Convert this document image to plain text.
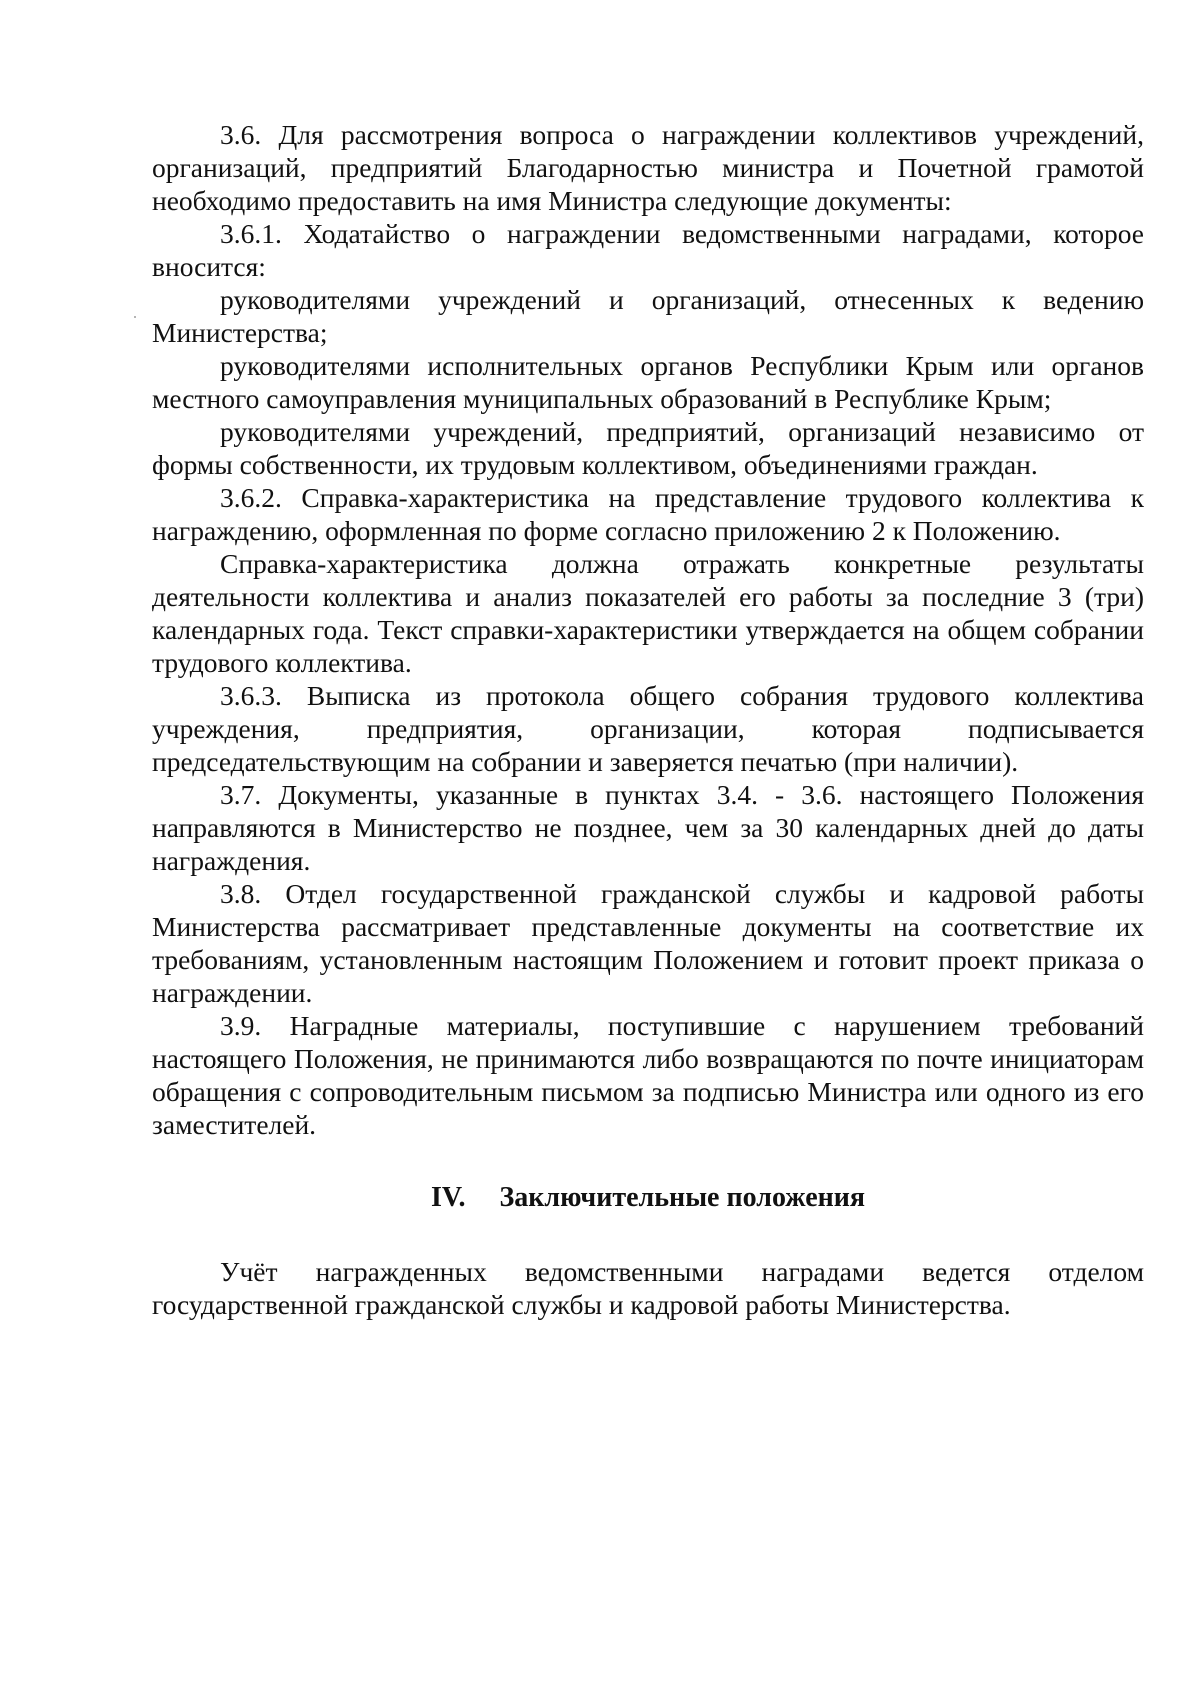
3.6. Для рассмотрения вопроса о награждении коллективов учреждений, организаций, предприятий Благодарностью министра и Почетной грамотой необходимо предоставить на имя Министра следующие документы:

3.6.1. Ходатайство о награждении ведомственными наградами, которое вносится:

руководителями учреждений и организаций, отнесенных к ведению Министерства;

руководителями исполнительных органов Республики Крым или органов местного самоуправления муниципальных образований в Республике Крым;

руководителями учреждений, предприятий, организаций независимо от формы собственности, их трудовым коллективом, объединениями граждан.

3.6.2. Справка-характеристика на представление трудового коллектива к награждению, оформленная по форме согласно приложению 2 к Положению.

Справка-характеристика должна отражать конкретные результаты деятельности коллектива и анализ показателей его работы за последние 3 (три) календарных года. Текст справки-характеристики утверждается на общем собрании трудового коллектива.

3.6.3. Выписка из протокола общего собрания трудового коллектива учреждения, предприятия, организации, которая подписывается председательствующим на собрании и заверяется печатью (при наличии).

3.7. Документы, указанные в пунктах 3.4. - 3.6. настоящего Положения направляются в Министерство не позднее, чем за 30 календарных дней до даты награждения.

3.8. Отдел государственной гражданской службы и кадровой работы Министерства рассматривает представленные документы на соответствие их требованиям, установленным настоящим Положением и готовит проект приказа о награждении.

3.9. Наградные материалы, поступившие с нарушением требований настоящего Положения, не принимаются либо возвращаются по почте инициаторам обращения с сопроводительным письмом за подписью Министра или одного из его заместителей.

IV. Заключительные положения

Учёт награжденных ведомственными наградами ведется отделом государственной гражданской службы и кадровой работы Министерства.
